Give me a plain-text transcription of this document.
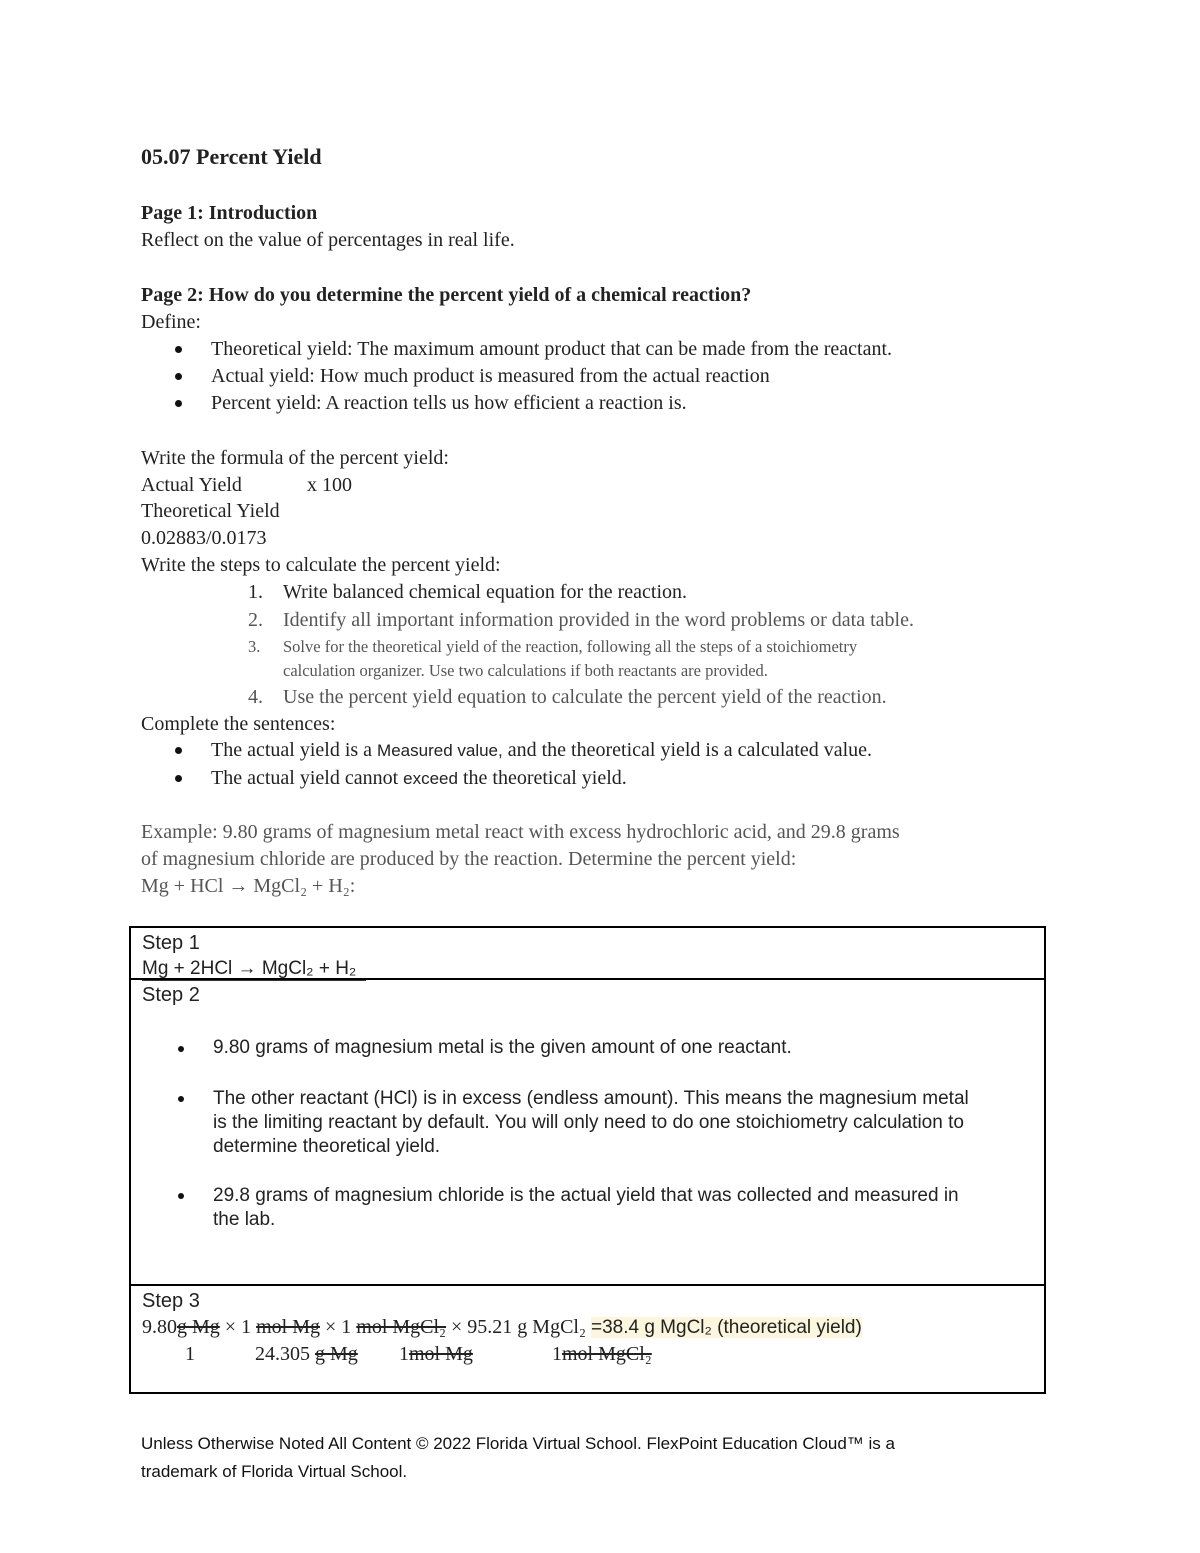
05.07 Percent Yield
Page 1: Introduction
Reflect on the value of percentages in real life.
Page 2: How do you determine the percent yield of a chemical reaction?
Define:
Theoretical yield: The maximum amount product that can be made from the reactant.
Actual yield: How much product is measured from the actual reaction
Percent yield: A reaction tells us how efficient a reaction is.
Write the formula of the percent yield:
Actual Yield	x 100
Theoretical Yield
0.02883/0.0173
Write the steps to calculate the percent yield:
1. Write balanced chemical equation for the reaction.
2. Identify all important information provided in the word problems or data table.
3. Solve for the theoretical yield of the reaction, following all the steps of a stoichiometry
calculation organizer. Use two calculations if both reactants are provided.
4. Use the percent yield equation to calculate the percent yield of the reaction.
Complete the sentences:
The actual yield is a Measured value, and the theoretical yield is a calculated value.
The actual yield cannot exceed the theoretical yield.
Example: 9.80 grams of magnesium metal react with excess hydrochloric acid, and 29.8 grams
of magnesium chloride are produced by the reaction. Determine the percent yield:
Mg + HCl → MgCl₂ + H₂:
Step 1
Mg + 2HCl → MgCl₂ + H₂
Step 2
9.80 grams of magnesium metal is the given amount of one reactant.
The other reactant (HCl) is in excess (endless amount). This means the magnesium metal
is the limiting reactant by default. You will only need to do one stoichiometry calculation to
determine theoretical yield.
29.8 grams of magnesium chloride is the actual yield that was collected and measured in
the lab.
Step 3
9.80g Mg × 1 mol Mg × 1 mol MgCl₂ × 95.21 g MgCl₂ =38.4 g MgCl₂ (theoretical yield)
1	24.305 g Mg 1mol Mg	1mol MgCl₂
Unless Otherwise Noted All Content © 2022 Florida Virtual School. FlexPoint Education Cloud™ is a
trademark of Florida Virtual School.
